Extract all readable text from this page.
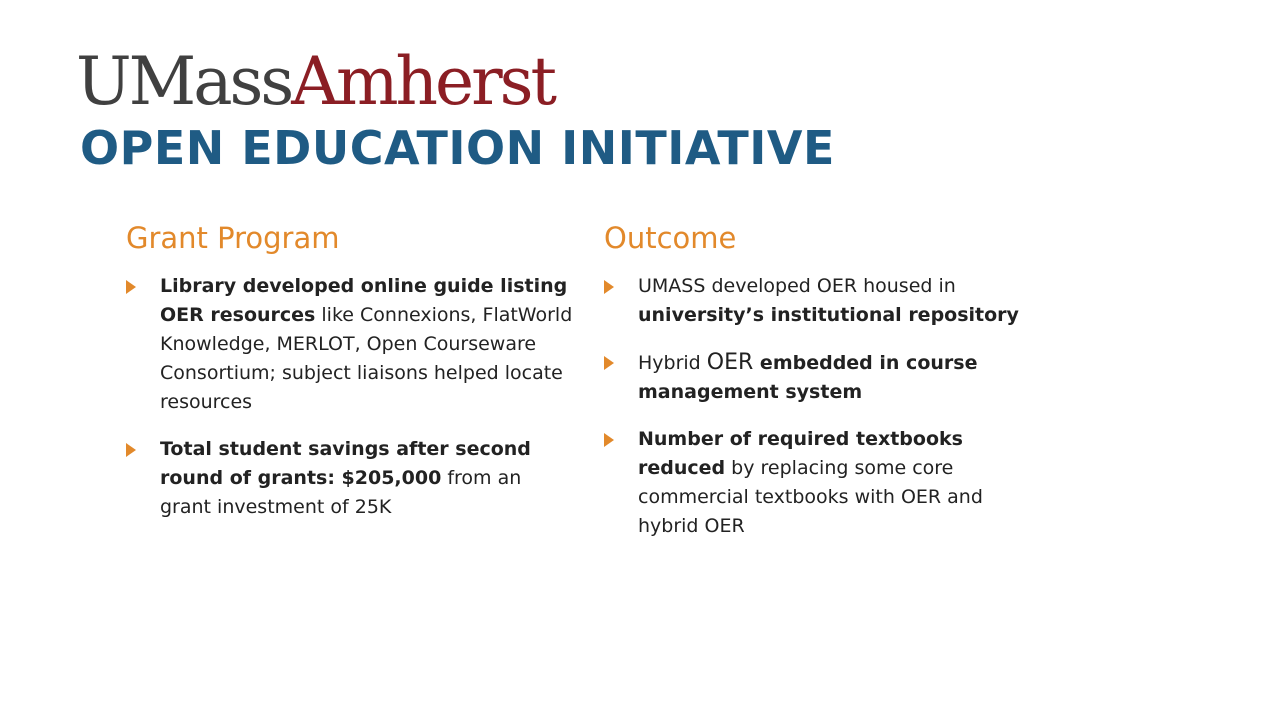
UMassAmherst
OPEN EDUCATION INITIATIVE
Grant Program
Library developed online guide listing OER resources like Connexions, FlatWorld Knowledge, MERLOT, Open Courseware Consortium; subject liaisons helped locate resources
Total student savings after second round of grants: $205,000 from an grant investment of 25K
Outcome
UMASS developed OER housed in university’s institutional repository
Hybrid OER embedded in course management system
Number of required textbooks reduced by replacing some core commercial textbooks with OER and hybrid OER
